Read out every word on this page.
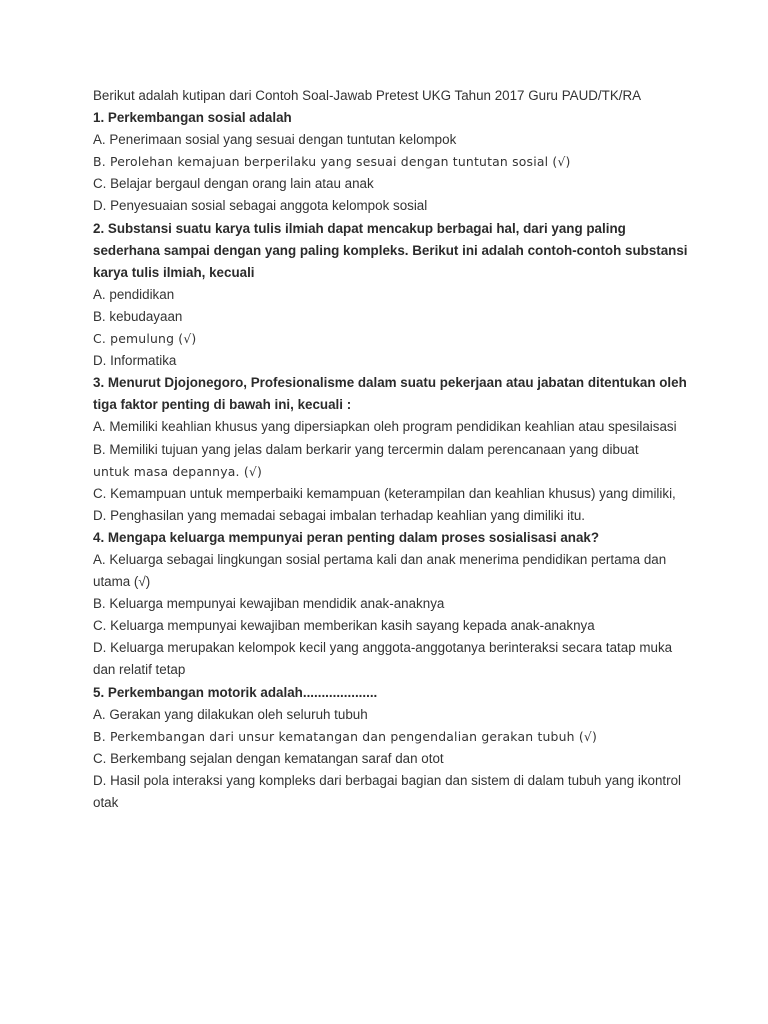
Berikut adalah kutipan dari Contoh Soal-Jawab Pretest UKG Tahun 2017 Guru PAUD/TK/RA

1. Perkembangan sosial adalah

A. Penerimaan sosial yang sesuai dengan tuntutan kelompok

B. Perolehan kemajuan berperilaku yang sesuai dengan tuntutan sosial (√)

C. Belajar bergaul dengan orang lain atau anak

D. Penyesuaian sosial sebagai anggota kelompok sosial

2. Substansi suatu karya tulis ilmiah dapat mencakup berbagai hal, dari yang paling sederhana sampai dengan yang paling kompleks. Berikut ini adalah contoh-contoh substansi karya tulis ilmiah, kecuali

A. pendidikan

B. kebudayaan

C. pemulung (√)

D. Informatika

3. Menurut Djojonegoro, Profesionalisme dalam suatu pekerjaan atau jabatan ditentukan oleh tiga faktor penting di bawah ini, kecuali :

A. Memiliki keahlian khusus yang dipersiapkan oleh program pendidikan keahlian atau spesilaisasi

B. Memiliki tujuan yang jelas dalam berkarir yang tercermin dalam perencanaan yang dibuat

untuk masa depannya. (√)

C. Kemampuan untuk memperbaiki kemampuan (keterampilan dan keahlian khusus) yang dimiliki,

D. Penghasilan yang memadai sebagai imbalan terhadap keahlian yang dimiliki itu.

4. Mengapa keluarga mempunyai peran penting dalam proses sosialisasi anak?

A. Keluarga sebagai lingkungan sosial pertama kali dan anak menerima pendidikan pertama dan utama (√)

B. Keluarga mempunyai kewajiban mendidik anak-anaknya

C. Keluarga mempunyai kewajiban memberikan kasih sayang kepada anak-anaknya

D. Keluarga merupakan kelompok kecil yang anggota-anggotanya berinteraksi secara tatap muka dan relatif tetap

5. Perkembangan motorik adalah....................

A. Gerakan yang dilakukan oleh seluruh tubuh

B. Perkembangan dari unsur kematangan dan pengendalian gerakan tubuh (√)

C. Berkembang sejalan dengan kematangan saraf dan otot

D. Hasil pola interaksi yang kompleks dari berbagai bagian dan sistem di dalam tubuh yang ikontrol otak
